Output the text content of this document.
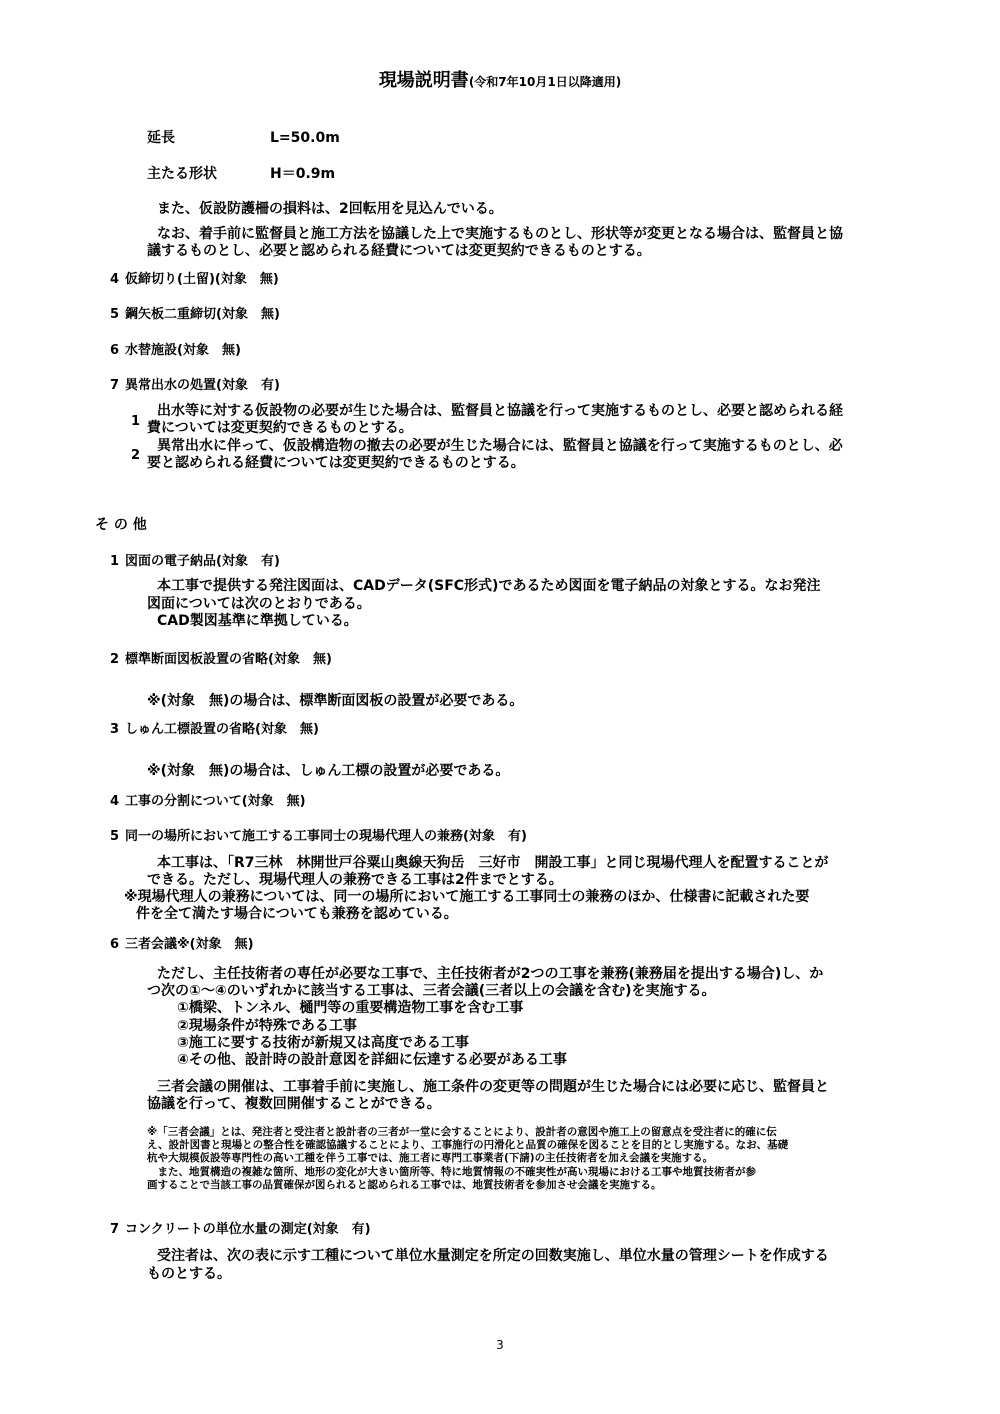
現場説明書(令和7年10月1日以降適用)
延長	L=50.0m
主たる形状	H＝0.9m
また、仮設防護柵の損料は、2回転用を見込んでいる。
なお、着手前に監督員と施工方法を協議した上で実施するものとし、形状等が変更となる場合は、監督員と協
議するものとし、必要と認められる経費については変更契約できるものとする。
4 仮締切り(土留)(対象　無)
5 鋼矢板二重締切(対象　無)
6 水替施設(対象　無)
7 異常出水の処置(対象　有)
1
出水等に対する仮設物の必要が生じた場合は、監督員と協議を行って実施するものとし、必要と認められる経
費については変更契約できるものとする。
2
異常出水に伴って、仮設構造物の撤去の必要が生じた場合には、監督員と協議を行って実施するものとし、必
要と認められる経費については変更契約できるものとする。
そ の 他
1 図面の電子納品(対象　有)
本工事で提供する発注図面は、CADデータ(SFC形式)であるため図面を電子納品の対象とする。なお発注
図面については次のとおりである。
CAD製図基準に準拠している。
2 標準断面図板設置の省略(対象　無)
※(対象　無)の場合は、標準断面図板の設置が必要である。
3 しゅん工標設置の省略(対象　無)
※(対象　無)の場合は、しゅん工標の設置が必要である。
4 工事の分割について(対象　無)
5 同一の場所において施工する工事同士の現場代理人の兼務(対象　有)
本工事は、「R7三林　林開世戸谷粟山奥線天狗岳　三好市　開設工事」と同じ現場代理人を配置することが
できる。ただし、現場代理人の兼務できる工事は2件までとする。
※現場代理人の兼務については、同一の場所において施工する工事同士の兼務のほか、仕様書に記載された要
件を全て満たす場合についても兼務を認めている。
6 三者会議※(対象　無)
ただし、主任技術者の専任が必要な工事で、主任技術者が2つの工事を兼務(兼務届を提出する場合)し、か
つ次の①～④のいずれかに該当する工事は、三者会議(三者以上の会議を含む)を実施する。
①橋梁、トンネル、樋門等の重要構造物工事を含む工事
②現場条件が特殊である工事
③施工に要する技術が新規又は高度である工事
④その他、設計時の設計意図を詳細に伝達する必要がある工事
三者会議の開催は、工事着手前に実施し、施工条件の変更等の問題が生じた場合には必要に応じ、監督員と
協議を行って、複数回開催することができる。
※「三者会議」とは、発注者と受注者と設計者の三者が一堂に会することにより、設計者の意図や施工上の留意点を受注者に的確に伝
え、設計図書と現場との整合性を確認協議することにより、工事施行の円滑化と品質の確保を図ることを目的とし実施する。なお、基礎
杭や大規模仮設等専門性の高い工種を伴う工事では、施工者に専門工事業者(下請)の主任技術者を加え会議を実施する。
　また、地質構造の複雑な箇所、地形の変化が大きい箇所等、特に地質情報の不確実性が高い現場における工事や地質技術者が参
画することで当該工事の品質確保が図られると認められる工事では、地質技術者を参加させ会議を実施する。
7 コンクリートの単位水量の測定(対象　有)
受注者は、次の表に示す工種について単位水量測定を所定の回数実施し、単位水量の管理シートを作成する
ものとする。
3
